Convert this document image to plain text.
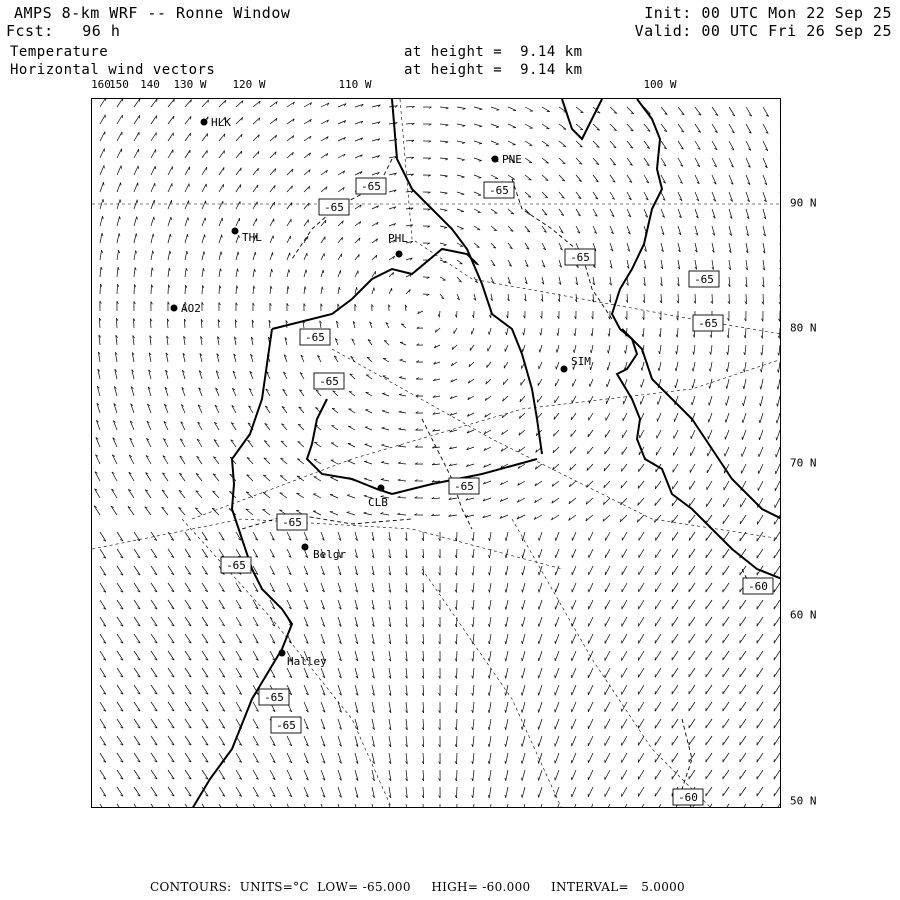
AMPS 8-km WRF -- Ronne Window
Fcst:   96 h
Temperature
Horizontal wind vectors
at height =  9.14 km
at height =  9.14 km
Init: 00 UTC Mon 22 Sep 25
Valid: 00 UTC Fri 26 Sep 25
160
150 140 130 W 120 W	110 W	100 W
90 N
80 N
70 N
60 N
50 N
HLK
PNE
THL	PHL
AO2
SIM
CLB
Belgr
Halley
-65
-65
-65
-65
-65
-65
-65
-65
-65
-65
-65
-65
-65
-60
-60
CONTOURS:  UNITS=°C  LOW= -65.000     HIGH= -60.000     INTERVAL=   5.0000
